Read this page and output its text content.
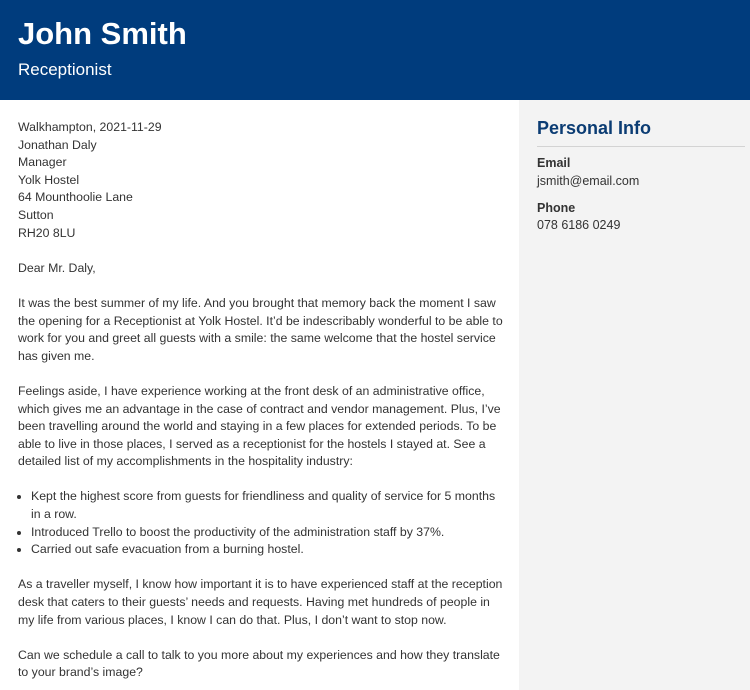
John Smith
Receptionist
Personal Info
Email
jsmith@email.com
Phone
078 6186 0249
Walkhampton, 2021-11-29
Jonathan Daly
Manager
Yolk Hostel
64 Mounthoolie Lane
Sutton
RH20 8LU

Dear Mr. Daly,

It was the best summer of my life. And you brought that memory back the moment I saw the opening for a Receptionist at Yolk Hostel. It’d be indescribably wonderful to be able to work for you and greet all guests with a smile: the same welcome that the hostel service has given me.

Feelings aside, I have experience working at the front desk of an administrative office, which gives me an advantage in the case of contract and vendor management. Plus, I’ve been travelling around the world and staying in a few places for extended periods. To be able to live in those places, I served as a receptionist for the hostels I stayed at. See a detailed list of my accomplishments in the hospitality industry:

• Kept the highest score from guests for friendliness and quality of service for 5 months in a row.
• Introduced Trello to boost the productivity of the administration staff by 37%.
• Carried out safe evacuation from a burning hostel.

As a traveller myself, I know how important it is to have experienced staff at the reception desk that caters to their guests’ needs and requests. Having met hundreds of people in my life from various places, I know I can do that. Plus, I don’t want to stop now.

Can we schedule a call to talk to you more about my experiences and how they translate to your brand’s image?
